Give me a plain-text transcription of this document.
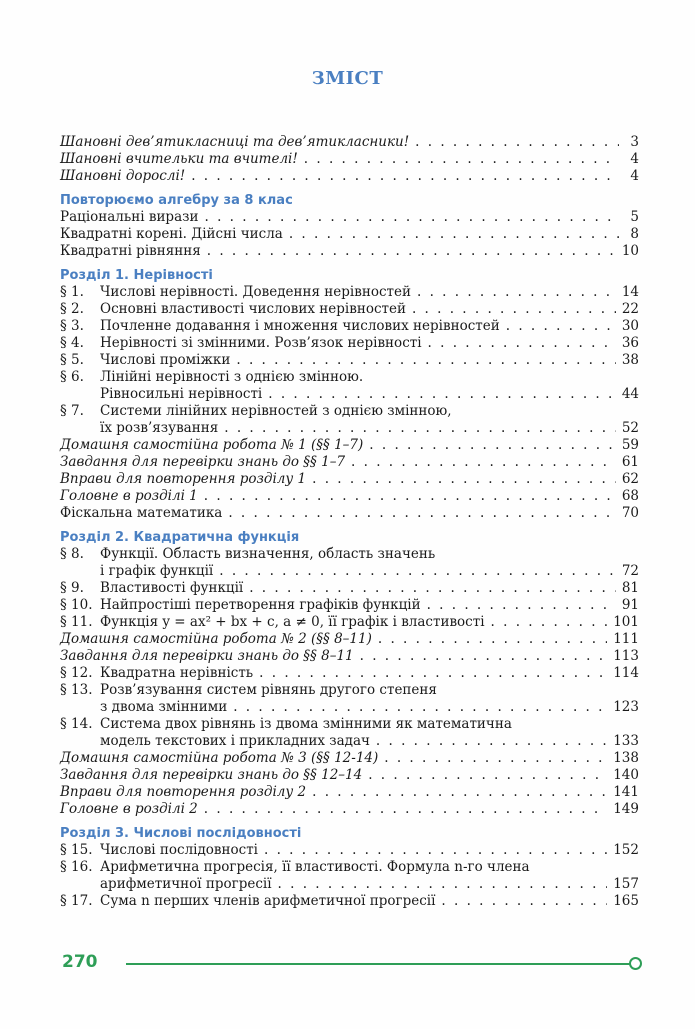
ЗМІСТ
Шановні дев’ятикласниці та дев’ятикласники! . . .	3
Шановні вчительки та вчителі! . . .	4
Шановні дорослі! . . .	4
Повторюємо алгебру за 8 клас
Раціональні вирази . . .	5
Квадратні корені. Дійсні числа . . .	8
Квадратні рівняння . . .	10
Розділ 1. Нерівності
§ 1.	Числові нерівності. Доведення нерівностей . . .	14
§ 2.	Основні властивості числових нерівностей . . .	22
§ 3.	Почленне додавання і множення числових нерівностей . . .	30
§ 4.	Нерівності зі змінними. Розв’язок нерівності . . .	36
§ 5.	Числові проміжки . . .	38
§ 6.	Лінійні нерівності з однією змінною.
Рівносильні нерівності . . .	44
§ 7.	Системи лінійних нерівностей з однією змінною,
їх розв’язування . . .	52
Домашня самостійна робота № 1 (§§ 1–7) . . .	59
Завдання для перевірки знань до §§ 1–7 . . .	61
Вправи для повторення розділу 1 . . .	62
Головне в розділі 1 . . .	68
Фіскальна математика . . .	70
Розділ 2. Квадратична функція
§ 8.	Функції. Область визначення, область значень
і графік функції . . .	72
§ 9.	Властивості функції . . .	81
§ 10. Найпростіші перетворення графіків функцій . . .	91
§ 11. Функція y = ax² + bx + c, a ≠ 0, її графік і властивості . . .	101
Домашня самостійна робота № 2 (§§ 8–11) . . .	111
Завдання для перевірки знань до §§ 8–11 . . .	113
§ 12. Квадратна нерівність . . .	114
§ 13. Розв’язування систем рівнянь другого степеня
з двома змінними . . .	123
§ 14. Система двох рівнянь із двома змінними як математична
модель текстових і прикладних задач . . .	133
Домашня самостійна робота № 3 (§§ 12-14) . . .	138
Завдання для перевірки знань до §§ 12–14 . . .	140
Вправи для повторення розділу 2 . . .	141
Головне в розділі 2 . . .	149
Розділ 3. Числові послідовності
§ 15. Числові послідовності . . .	152
§ 16. Арифметична прогресія, її властивості. Формула n-го члена
арифметичної прогресії . . .	157
§ 17. Сума n перших членів арифметичної прогресії . . .	165
270
